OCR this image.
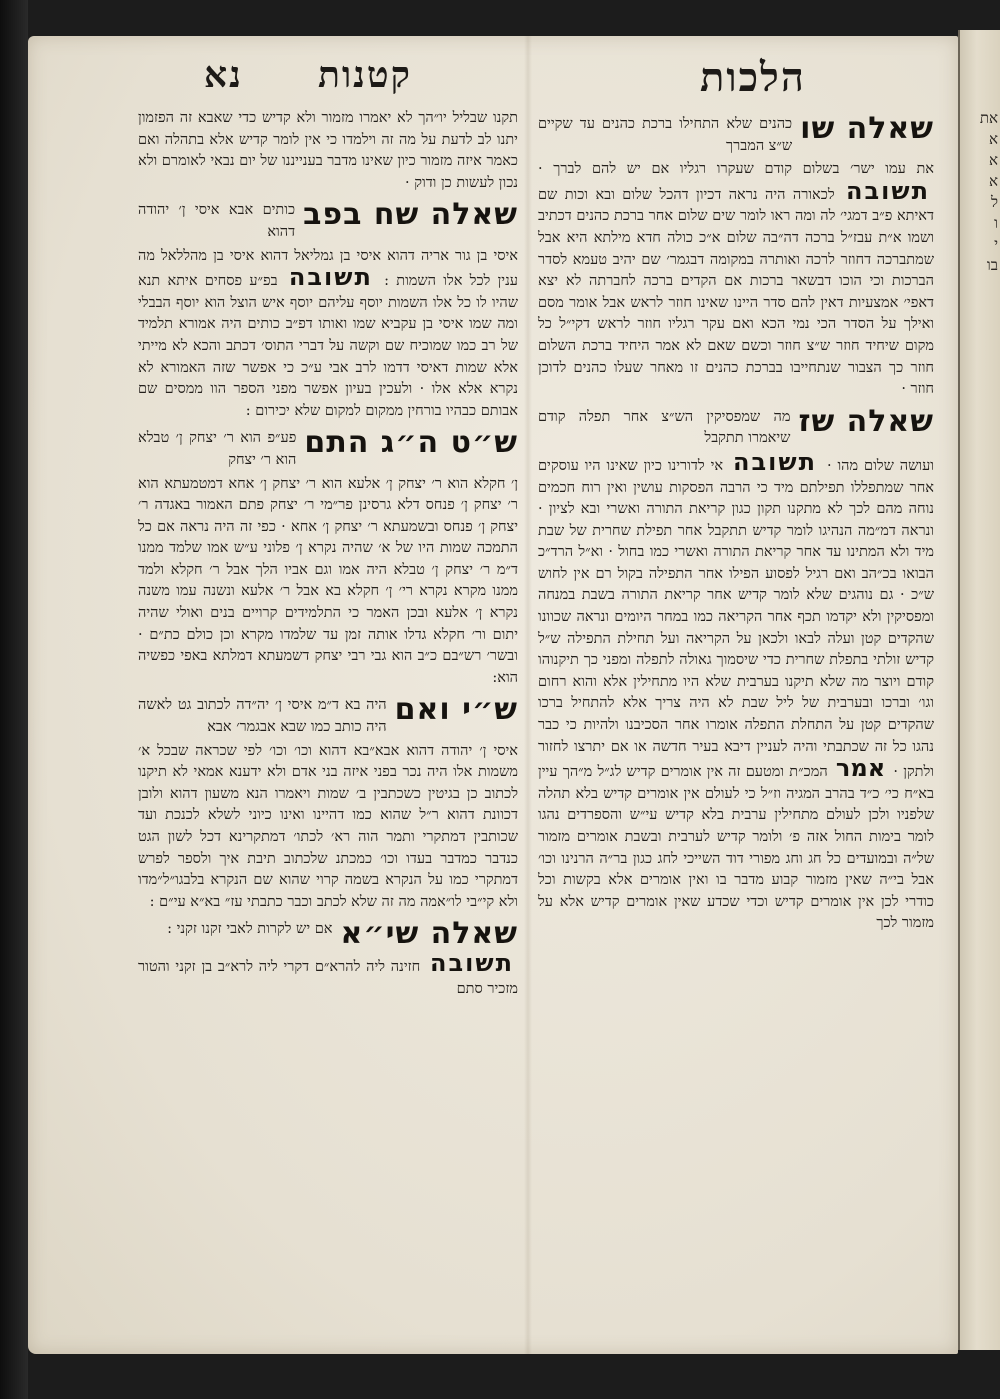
את
א
א
א
ל
ו
י
בו
הלכות
קטנות
נא
שאלה שו
כהנים שלא התחילו ברכת כהנים עד שקיים ש״צ המברך
את עמו ישר׳ בשלום קודם שעקרו רגליו אם יש להם לברך · תשובה לכאורה היה נראה דכיון דהכל שלום ובא וכות שם דאיתא פ״ב דמגי׳ לה ומה ראו לומר שים שלום אחר ברכת כהנים דכתיב ושמו א״ת עבז״ל ברכה דה״בה שלום א״כ כולה חדא מילתא היא אבל שמתברכה דחוזר לרכה ואותרה במקומה דבגמר׳ שם יהיב טעמא לסדר הברכות וכי הוכו דבשאר ברכות אם הקדים ברכה לחברתה לא יצא דאפי׳ אמצעיות דאין להם סדר היינו שאינו חוזר לראש אבל אומר מסם ואילך על הסדר הכי נמי הכא ואם עקר רגליו חוזר לראש דקי״ל כל מקום שיחיד חוזר ש״צ חוזר וכשם שאם לא אמר היחיד ברכת השלום חוזר כך הצבור שנתחייבו בברכת כהנים זו מאחר שעלו כהנים לדוכן חוזר ·
שאלה שז
מה שמפסיקין הש״צ אחר תפלה קודם שיאמרו תתקבל
ועושה שלום מהו · תשובה אי לדורינו כיון שאינו היו עוסקים אחר שמתפללו תפילתם מיד כי הרבה הפסקות עושין ואין רוח חכמים נוחה מהם לכך לא מתקנו תקון כגון קריאת התורה ואשרי ובא לציון · ונראה דמ״מה הנהיגו לומר קדיש תתקבל אחר תפילת שחרית של שבת מיד ולא המתינו עד אחר קריאת התורה ואשרי כמו בחול · וא״ל הרד״כ הבואו בכ״הב ואם רגיל לפסוע הפילו אחר התפילה בקול רם אין לחוש ש״כ · גם נוהגים שלא לומר קדיש אחר קריאת התורה בשבת במנחה ומפסיקין ולא יקדמו תכף אחר הקריאה כמו במחר היומים ונראה שכוונו שהקדים קטן ועלה לבאו ולכאן על הקריאה ועל תחילת התפילה ש״ל קדיש זולתי בתפלת שחרית כדי שיסמוך גאולה לתפלה ומפני כך תיקנוהו קודם ויוצר מה שלא תיקנו בערבית שלא היו מתחילין אלא והוא רחום וגו׳ וברכו ובערבית של ליל שבת לא היה צריך אלא להתחיל ברכו שהקדים קטן על התחלת התפלה אומרו אחר הסכיבנו ולהיות כי כבר נהגו כל זה שכתבתי והיה לעניין דיבא בעיר חדשה או אם יתרצו לחזור ולתקן · אמר המכ״ת ומטעם זה אין אומרים קדיש לג״ל מ״הך עיין בא״ח כי׳ כ״ד בהרב המגיה וז״ל כי לעולם אין אומרים קדיש בלא תהלה שלפניו ולכן לעולם מתחילין ערבית בלא קדיש עי״ש והספרדים נהגו לומר בימות החול אזה פ׳ ולומר קדיש לערבית ובשבת אומרים מזמור של״ה ובמועדים כל חג וחג מפורי דוד השייכי לחג כגון בר״ה הרנינו וכו׳ אבל בי״ה שאין מזמור קבוע מדבר בו ואין אומרים אלא בקשות וכל כודרי לכן אין אומרים קדיש וכדי שכדע שאין אומרים קדיש אלא על מזמור לכך
תקנו שבליל יו״הך לא יאמרו מזמור ולא קדיש כדי שאבא זה הפזמון יתנו לב לדעת על מה זה וילמדו כי אין לומר קדיש אלא בתהלה ואם כאמר איזה מזמור כיון שאינו מדבר בענייננו של יום נבאי לאומרם ולא נכון לעשות כן ודוק ·
שאלה שח בפב
כותים אבא איסי ן׳ יהודה דהוא
איסי בן גור אריה דהוא איסי בן גמליאל דהוא איסי בן מהללאל מה ענין לכל אלו השמות : תשובה בפ״ע פסחים איתא תנא שהיו לו כל אלו השמות יוסף עליהם יוסף איש הוצל הוא יוסף הבבלי ומה שמו איסי בן עקביא שמו ואותו דפ״ב כותים היה אמורא תלמיד של רב כמו שמוכיח שם וקשה על דברי התוס׳ דכתב והכא לא מייתי אלא שמות דאיסי דדמו לרב אבי ע״כ כי אפשר שזה האמורא לא נקרא אלא אלו · ולעכין בעיון אפשר מפני הספר הוו ממסים שם אבותם כבהיו בורחין ממקום למקום שלא יכירום :
ש״ט ה״ג התם
פע״פ הוא ר׳ יצחק ן׳ טבלא הוא ר׳ יצחק
ן׳ חקלא הוא ר׳ יצחק ן׳ אלעא הוא ר׳ יצחק ן׳ אחא דמטמעתא הוא ר׳ יצחק ן׳ פנחס דלא גרסינן פר״מי ר׳ יצחק פתם האמור באגדה ר׳ יצחק ן׳ פנחס ובשמעתא ר׳ יצחק ן׳ אחא · כפי זה היה נראה אם כל התמכה שמות היו של א׳ שהיה נקרא ן׳ פלוני ע״ש אמו שלמד ממנו ד״מ ר׳ יצחק ן׳ טבלא היה אמו וגם אביו הלך אבל ר׳ חקלא ולמד ממנו מקרא נקרא רי׳ ן׳ חקלא בא אבל ר׳ אלעא ונשנה עמו משנה נקרא ן׳ אלעא ובכן האמר כי התלמידים קרויים בנים ואולי שהיה יתום ור׳ חקלא גדלו אותה זמן עד שלמדו מקרא וכן כולם כת״ם · ובשר׳ רש״בם כ״ב הוא גבי רבי יצחק דשמעתא דמלתא באפי כפשיה הוא:
ש״י ואם
היה בא ד״מ איסי ן׳ יה״דה לכתוב גט לאשה היה כותב כמו שבא אבגמר׳ אבא
איסי ן׳ יהודה דהוא אבא״בא דהוא וכו׳ וכו׳ לפי שכראה שבכל א׳ משמות אלו היה נכר בפני איזה בני אדם ולא ידענא אמאי לא תיקנו לכתוב כן בגיטין כשכתבין ב׳ שמות ויאמרו הנא משעון דהוא ולובן דכוונת דהוא ר״ל שהוא כמו דהיינו ואינו כיוני לשלא לכנכת ועד שכותבין דמתקרי ותמר הוה רא׳ לכתו׳ דמתקרינא דכל לשון הגט כנדבר כמדבר בעדו וכו׳ כמכתנ שלכתוב תיבת איך ולספר לפרש דמתקרי כמו על הנקרא בשמה קרוי שהוא שם הנקרא בלבגו״ל״מדו ולא קי״בי לו״אמה מה זה שלא לכתב וכבר כתבתי עז״ בא״א עי״ם :
שאלה שי״א
אם יש לקרות לאבי זקנו זקני :
תשובה חזינה ליה להרא״ם דקרי ליה לרא״ב בן זקני והטור מזכיר סתם
